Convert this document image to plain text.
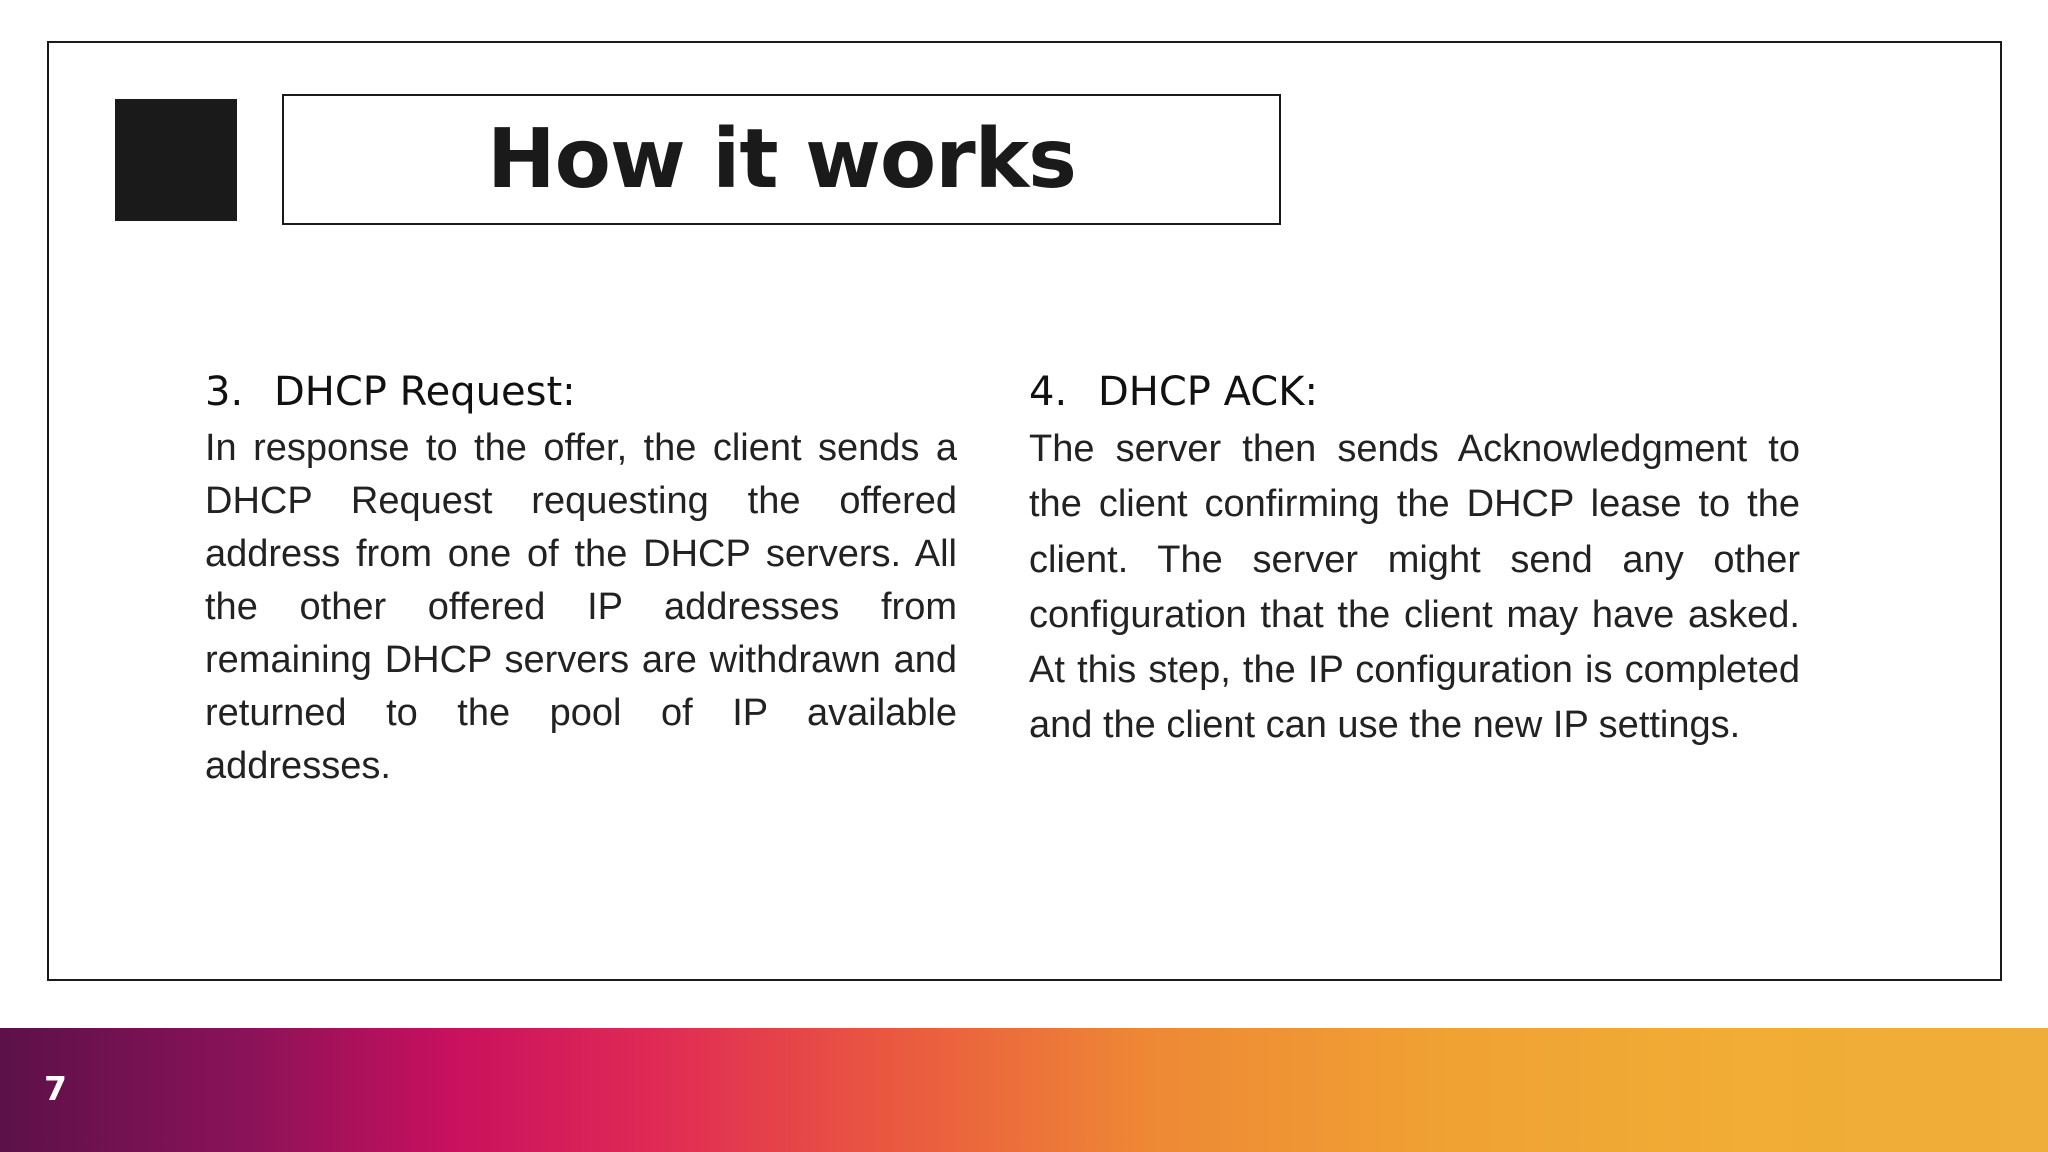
How it works

3. DHCP Request:

In response to the offer, the client sends a DHCP Request requesting the offered address from one of the DHCP servers. All the other offered IP addresses from remaining DHCP servers are withdrawn and returned to the pool of IP available addresses.

4. DHCP ACK:

The server then sends Acknowledgment to the client confirming the DHCP lease to the client. The server might send any other configuration that the client may have asked. At this step, the IP configuration is completed and the client can use the new IP settings.

7
